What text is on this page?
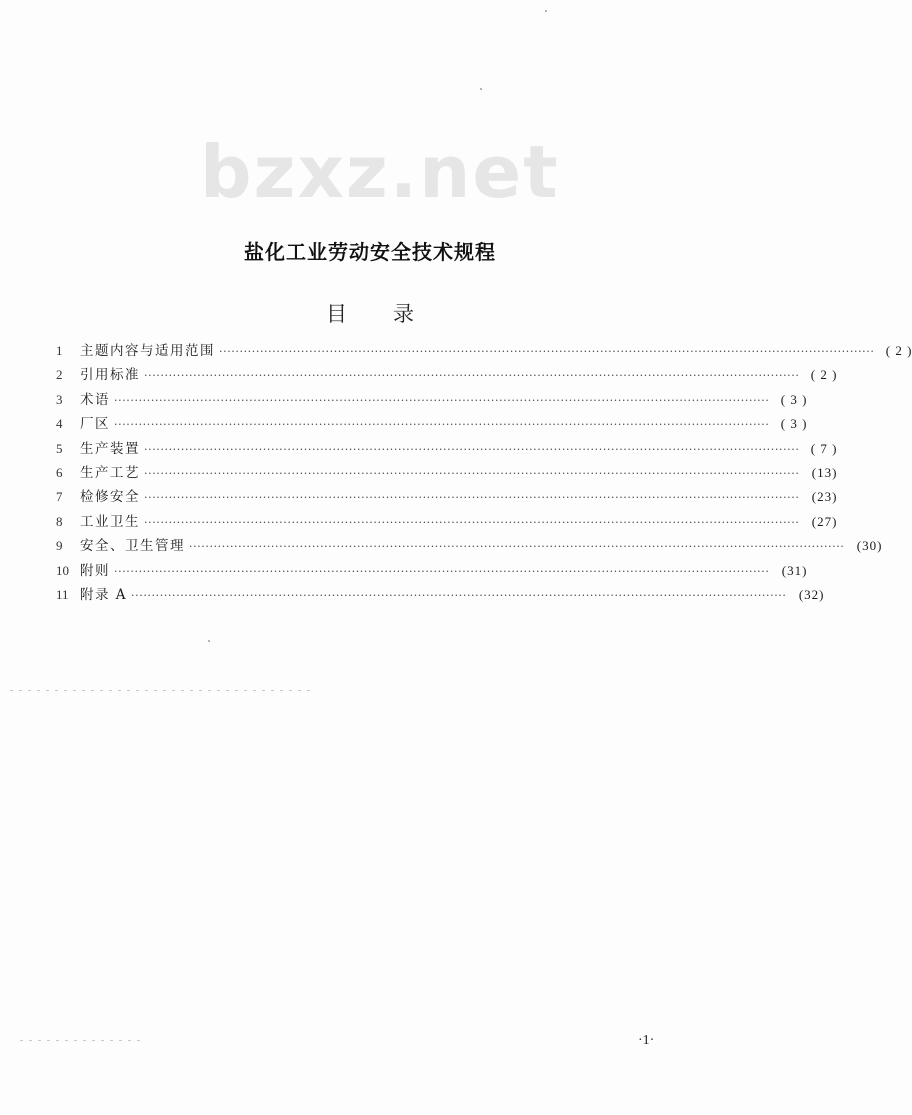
bzxz.net
盐化工业劳动安全技术规程
目录
1	主题内容与适用范围 ································································································································································ ( 2 )
2	引用标准 ································································································································································ ( 2 )
3	术语 ································································································································································ ( 3 )
4	厂区 ································································································································································ ( 3 )
5	生产装置 ································································································································································ ( 7 )
6	生产工艺 ································································································································································ (13)
7	检修安全 ································································································································································ (23)
8	工业卫生 ································································································································································ (27)
9	安全、卫生管理 ································································································································································ (30)
10 附则 ································································································································································ (31)
11 附录 A ································································································································································ (32)
·1·
